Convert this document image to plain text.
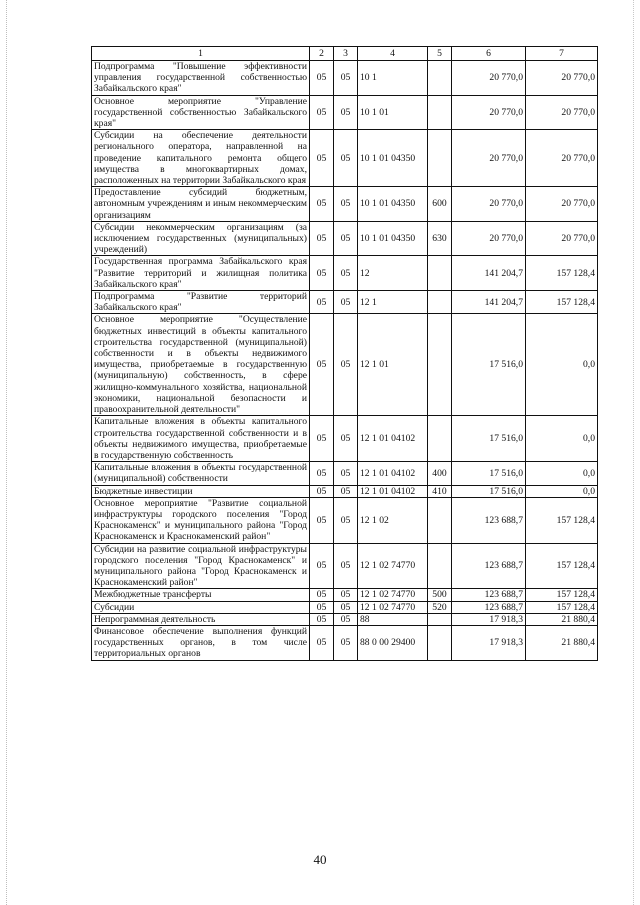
1	2	3	4	5	6	7
Подпрограмма "Повышение эффективности управления государственной собственностью Забайкальского края"	05	05	10 1		20 770,0	20 770,0
Основное мероприятие "Управление государственной собственностью Забайкальского края"	05	05	10 1 01		20 770,0	20 770,0
Субсидии на обеспечение деятельности регионального оператора, направленной на проведение капитального ремонта общего имущества в многоквартирных домах, расположенных на территории Забайкальского края	05	05	10 1 01 04350		20 770,0	20 770,0
Предоставление субсидий бюджетным, автономным учреждениям и иным некоммерческим организациям	05	05	10 1 01 04350	600	20 770,0	20 770,0
Субсидии некоммерческим организациям (за исключением государственных (муниципальных) учреждений)	05	05	10 1 01 04350	630	20 770,0	20 770,0
Государственная программа Забайкальского края "Развитие территорий и жилищная политика Забайкальского края"	05	05	12		141 204,7	157 128,4
Подпрограмма "Развитие территорий Забайкальского края"	05	05	12 1		141 204,7	157 128,4
Основное мероприятие "Осуществление бюджетных инвестиций в объекты капитального строительства государственной (муниципальной) собственности и в объекты недвижимого имущества, приобретаемые в государственную (муниципальную) собственность, в сфере жилищно-коммунального хозяйства, национальной экономики, национальной безопасности и правоохранительной деятельности"	05	05	12 1 01		17 516,0	0,0
Капитальные вложения в объекты капитального строительства государственной собственности и в объекты недвижимого имущества, приобретаемые в государственную собственность	05	05	12 1 01 04102		17 516,0	0,0
Капитальные вложения в объекты государственной (муниципальной) собственности	05	05	12 1 01 04102	400	17 516,0	0,0
Бюджетные инвестиции	05	05	12 1 01 04102	410	17 516,0	0,0
Основное мероприятие "Развитие социальной инфраструктуры городского поселения "Город Краснокаменск" и муниципального района "Город Краснокаменск и Краснокаменский район"	05	05	12 1 02		123 688,7	157 128,4
Субсидии на развитие социальной инфраструктуры городского поселения "Город Краснокаменск" и муниципального района "Город Краснокаменск и Краснокаменский район"	05	05	12 1 02 74770		123 688,7	157 128,4
Межбюджетные трансферты	05	05	12 1 02 74770	500	123 688,7	157 128,4
Субсидии	05	05	12 1 02 74770	520	123 688,7	157 128,4
Непрограммная деятельность	05	05	88		17 918,3	21 880,4
Финансовое обеспечение выполнения функций государственных органов, в том числе территориальных органов	05	05	88 0 00 29400		17 918,3	21 880,4
40
